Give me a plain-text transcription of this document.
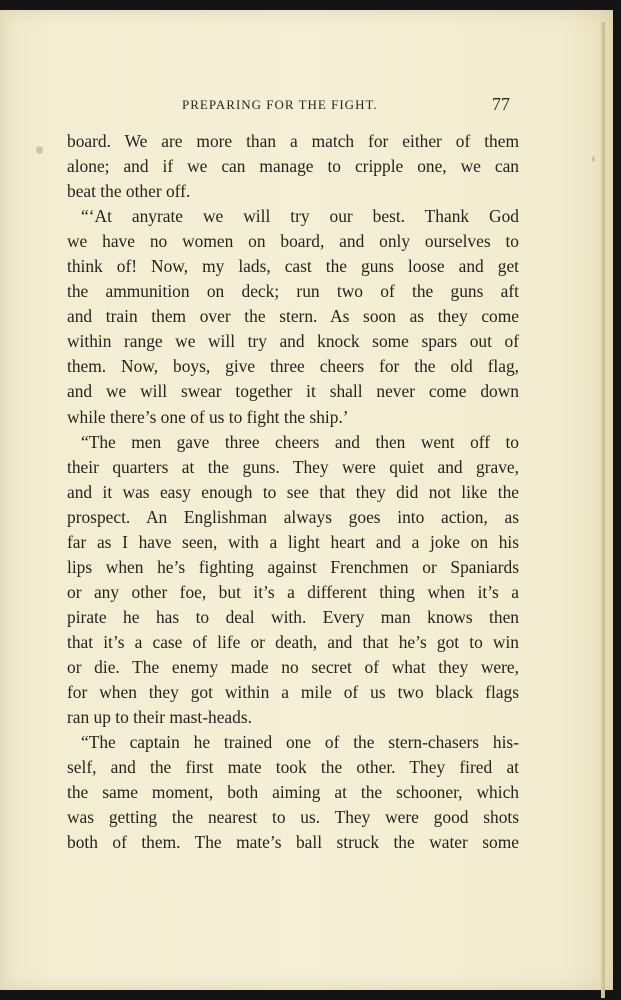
PREPARING FOR THE FIGHT.	77
board. We are more than a match for either of them
alone; and if we can manage to cripple one, we can
beat the other off.
“‘At anyrate we will try our best. Thank God
we have no women on board, and only ourselves to
think of! Now, my lads, cast the guns loose and get
the ammunition on deck; run two of the guns aft
and train them over the stern. As soon as they come
within range we will try and knock some spars out of
them. Now, boys, give three cheers for the old flag,
and we will swear together it shall never come down
while there’s one of us to fight the ship.’
“The men gave three cheers and then went off to
their quarters at the guns. They were quiet and grave,
and it was easy enough to see that they did not like the
prospect. An Englishman always goes into action, as
far as I have seen, with a light heart and a joke on his
lips when he’s fighting against Frenchmen or Spaniards
or any other foe, but it’s a different thing when it’s a
pirate he has to deal with. Every man knows then
that it’s a case of life or death, and that he’s got to win
or die. The enemy made no secret of what they were,
for when they got within a mile of us two black flags
ran up to their mast-heads.
“The captain he trained one of the stern-chasers his-
self, and the first mate took the other. They fired at
the same moment, both aiming at the schooner, which
was getting the nearest to us. They were good shots
both of them. The mate’s ball struck the water some
